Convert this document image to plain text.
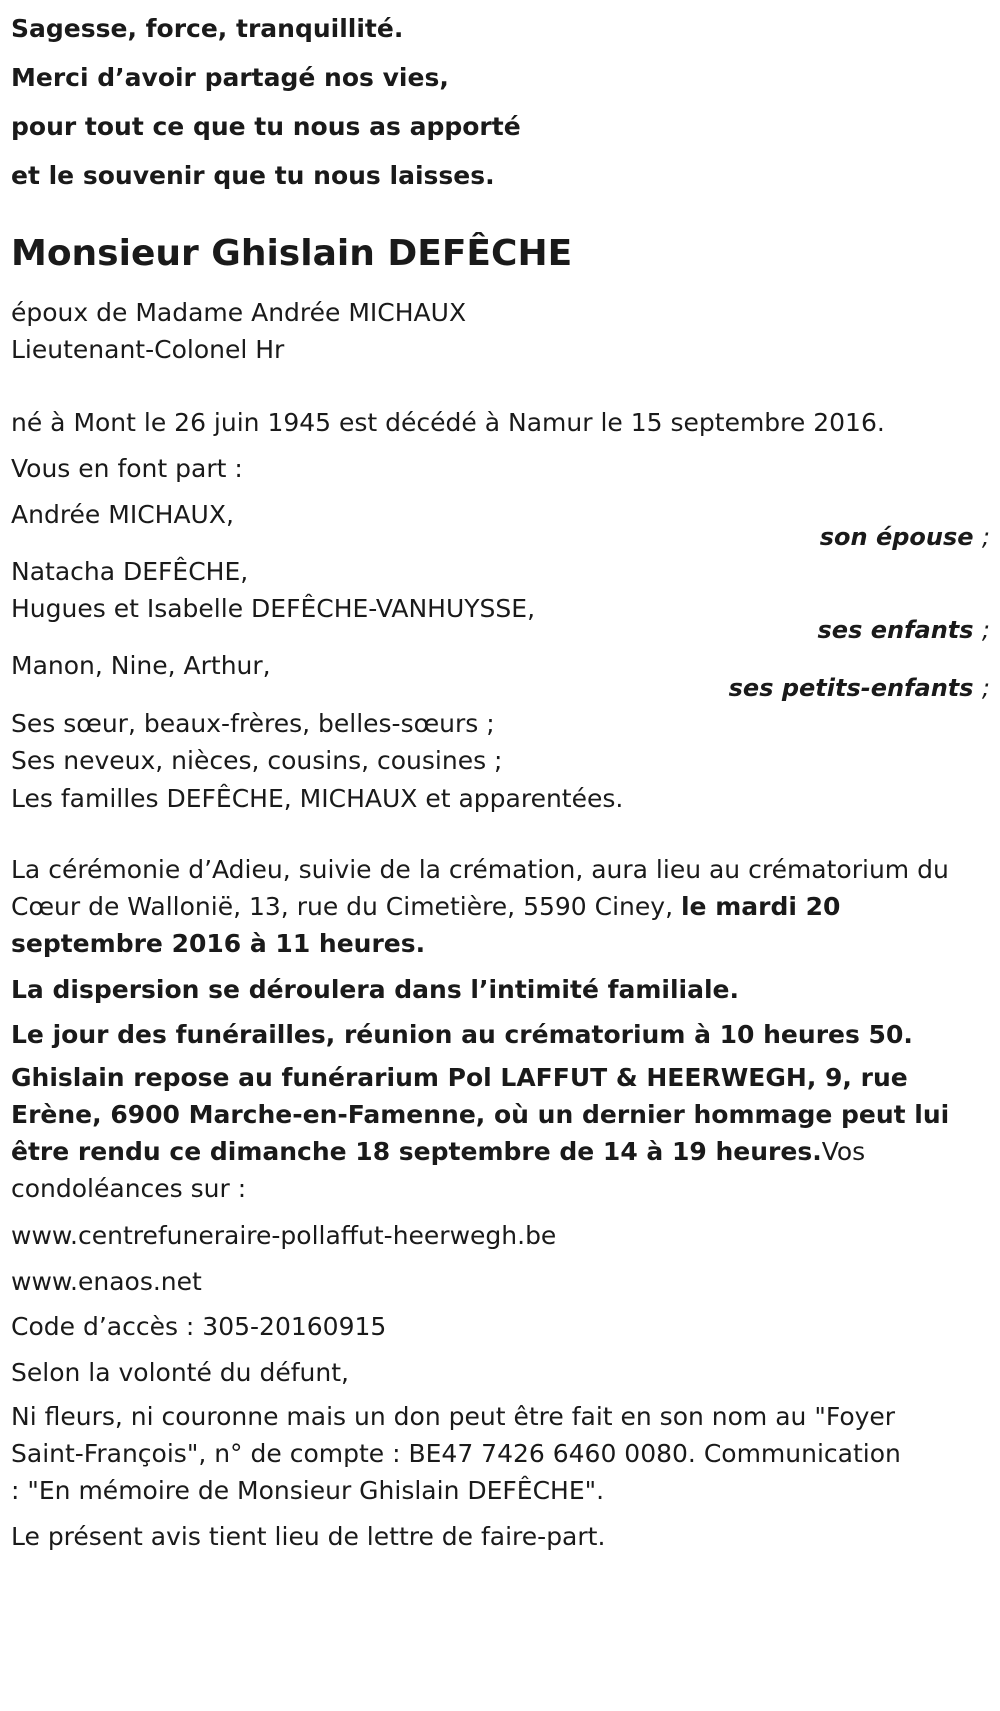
Sagesse, force, tranquillité.
Merci d’avoir partagé nos vies,
pour tout ce que tu nous as apporté
et le souvenir que tu nous laisses.
Monsieur Ghislain DEFÊCHE
époux de Madame Andrée MICHAUX
Lieutenant-Colonel Hr
né à Mont le 26 juin 1945 est décédé à Namur le 15 septembre 2016.
Vous en font part :
Andrée MICHAUX,
son épouse ;
Natacha DEFÊCHE,
Hugues et Isabelle DEFÊCHE-VANHUYSSE,
ses enfants ;
Manon, Nine, Arthur,
ses petits-enfants ;
Ses sœur, beaux-frères, belles-sœurs ;
Ses neveux, nièces, cousins, cousines ;
Les familles DEFÊCHE, MICHAUX et apparentées.
La cérémonie d’Adieu, suivie de la crémation, aura lieu au crématorium du Cœur de Wallonië, 13, rue du Cimetière, 5590 Ciney, le mardi 20 septembre 2016 à 11 heures.
La dispersion se déroulera dans l’intimité familiale.
Le jour des funérailles, réunion au crématorium à 10 heures 50.
Ghislain repose au funérarium Pol LAFFUT & HEERWEGH, 9, rue Erène, 6900 Marche-en-Famenne, où un dernier hommage peut lui être rendu ce dimanche 18 septembre de 14 à 19 heures.Vos condoléances sur :
www.centrefuneraire-pollaffut-heerwegh.be
www.enaos.net
Code d’accès : 305-20160915
Selon la volonté du défunt,
Ni fleurs, ni couronne mais un don peut être fait en son nom au "Foyer Saint-François", n° de compte : BE47 7426 6460 0080. Communication : "En mémoire de Monsieur Ghislain DEFÊCHE".
Le présent avis tient lieu de lettre de faire-part.
